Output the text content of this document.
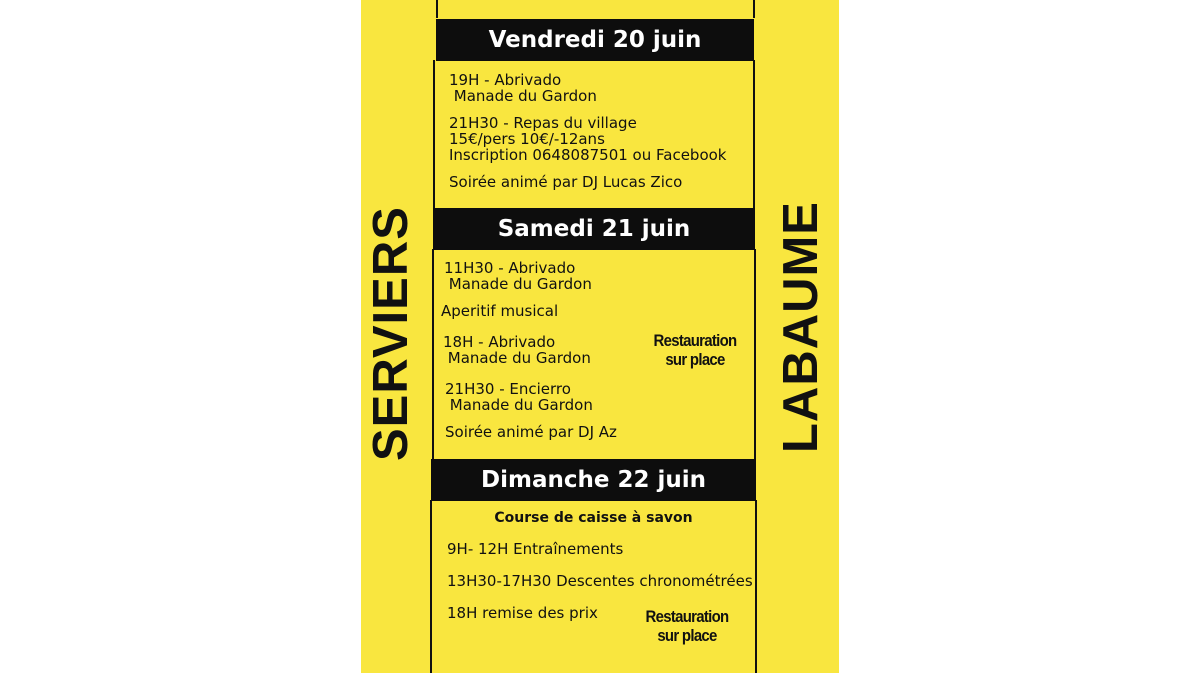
SERVIERS	LABAUME
Vendredi 20 juin
19H - Abrivado
Manade du Gardon
21H30 - Repas du village
15€/pers 10€/-12ans
Inscription 0648087501 ou Facebook
Soirée animé par DJ Lucas Zico
Samedi 21 juin
11H30 - Abrivado
Manade du Gardon
Aperitif musical
18H - Abrivado
Manade du Gardon
21H30 - Encierro
Manade du Gardon
Soirée animé par DJ Az
Restauration
sur place
Dimanche 22 juin
Course de caisse à savon
9H- 12H Entraînements
13H30-17H30 Descentes chronométrées
18H remise des prix	Restauration
sur place
